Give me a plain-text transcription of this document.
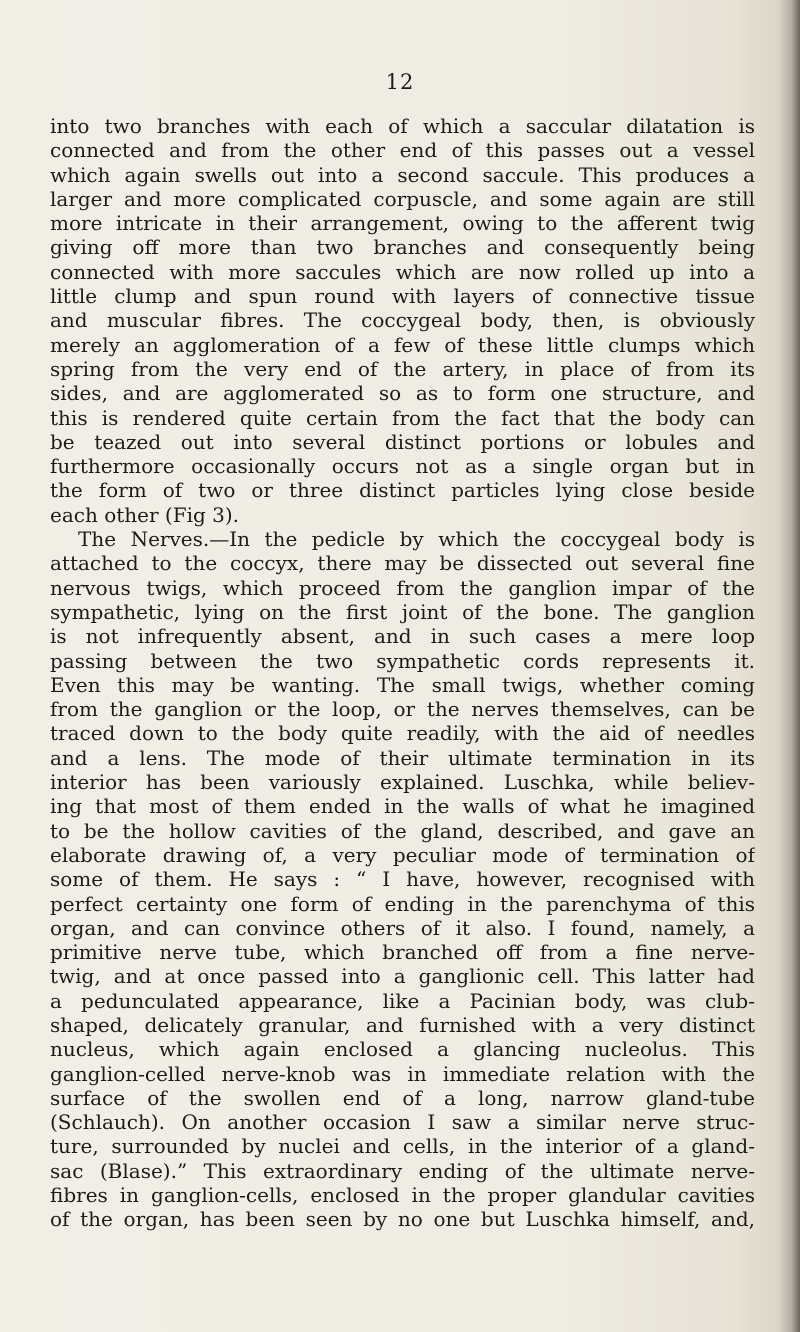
12
into two branches with each of which a saccular dilatation is
connected and from the other end of this passes out a vessel
which again swells out into a second saccule. This produces a
larger and more complicated corpuscle, and some again are still
more intricate in their arrangement, owing to the afferent twig
giving off more than two branches and consequently being
connected with more saccules which are now rolled up into a
little clump and spun round with layers of connective tissue
and muscular fibres. The coccygeal body, then, is obviously
merely an agglomeration of a few of these little clumps which
spring from the very end of the artery, in place of from its
sides, and are agglomerated so as to form one structure, and
this is rendered quite certain from the fact that the body can
be teazed out into several distinct portions or lobules and
furthermore occasionally occurs not as a single organ but in
the form of two or three distinct particles lying close beside
each other (Fig 3).
The Nerves.—In the pedicle by which the coccygeal body is
attached to the coccyx, there may be dissected out several fine
nervous twigs, which proceed from the ganglion impar of the
sympathetic, lying on the first joint of the bone. The ganglion
is not infrequently absent, and in such cases a mere loop
passing between the two sympathetic cords represents it.
Even this may be wanting. The small twigs, whether coming
from the ganglion or the loop, or the nerves themselves, can be
traced down to the body quite readily, with the aid of needles
and a lens. The mode of their ultimate termination in its
interior has been variously explained. Luschka, while believ-
ing that most of them ended in the walls of what he imagined
to be the hollow cavities of the gland, described, and gave an
elaborate drawing of, a very peculiar mode of termination of
some of them. He says : “ I have, however, recognised with
perfect certainty one form of ending in the parenchyma of this
organ, and can convince others of it also. I found, namely, a
primitive nerve tube, which branched off from a fine nerve-
twig, and at once passed into a ganglionic cell. This latter had
a pedunculated appearance, like a Pacinian body, was club-
shaped, delicately granular, and furnished with a very distinct
nucleus, which again enclosed a glancing nucleolus. This
ganglion-celled nerve-knob was in immediate relation with the
surface of the swollen end of a long, narrow gland-tube
(Schlauch). On another occasion I saw a similar nerve struc-
ture, surrounded by nuclei and cells, in the interior of a gland-
sac (Blase).” This extraordinary ending of the ultimate nerve-
fibres in ganglion-cells, enclosed in the proper glandular cavities
of the organ, has been seen by no one but Luschka himself, and,
